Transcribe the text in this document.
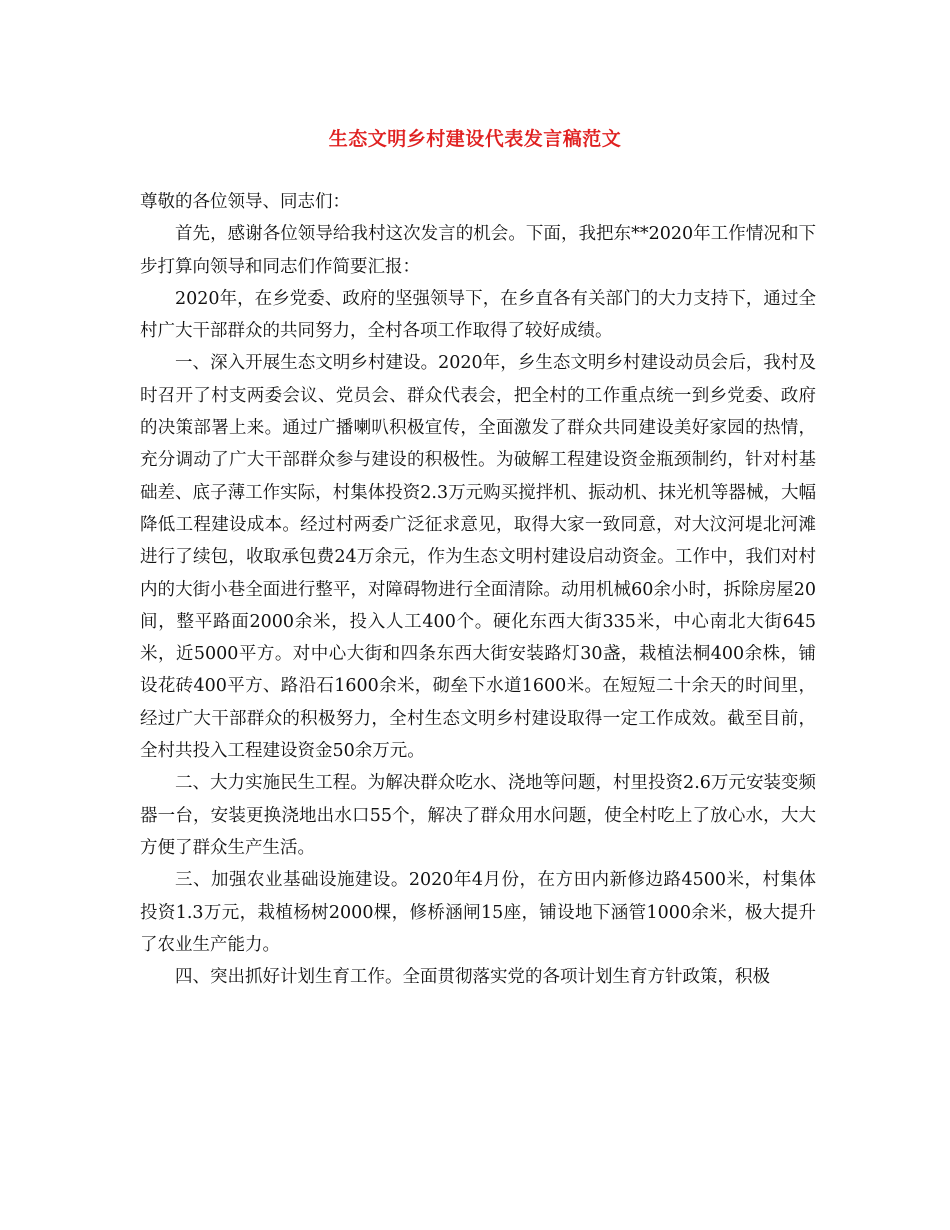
生态文明乡村建设代表发言稿范文

尊敬的各位领导、同志们：

首先，感谢各位领导给我村这次发言的机会。下面，我把东**2020年工作情况和下步打算向领导和同志们作简要汇报：

2020年，在乡党委、政府的坚强领导下，在乡直各有关部门的大力支持下，通过全村广大干部群众的共同努力，全村各项工作取得了较好成绩。

一、深入开展生态文明乡村建设。2020年，乡生态文明乡村建设动员会后，我村及时召开了村支两委会议、党员会、群众代表会，把全村的工作重点统一到乡党委、政府的决策部署上来。通过广播喇叭积极宣传，全面激发了群众共同建设美好家园的热情，充分调动了广大干部群众参与建设的积极性。为破解工程建设资金瓶颈制约，针对村基础差、底子薄工作实际，村集体投资2.3万元购买搅拌机、振动机、抹光机等器械，大幅降低工程建设成本。经过村两委广泛征求意见，取得大家一致同意，对大汶河堤北河滩进行了续包，收取承包费24万余元，作为生态文明村建设启动资金。工作中，我们对村内的大街小巷全面进行整平，对障碍物进行全面清除。动用机械60余小时，拆除房屋20间，整平路面2000余米，投入人工400个。硬化东西大街335米，中心南北大街645米，近5000平方。对中心大街和四条东西大街安装路灯30盏，栽植法桐400余株，铺设花砖400平方、路沿石1600余米，砌垒下水道1600米。在短短二十余天的时间里，经过广大干部群众的积极努力，全村生态文明乡村建设取得一定工作成效。截至目前，全村共投入工程建设资金50余万元。

二、大力实施民生工程。为解决群众吃水、浇地等问题，村里投资2.6万元安装变频器一台，安装更换浇地出水口55个，解决了群众用水问题，使全村吃上了放心水，大大方便了群众生产生活。

三、加强农业基础设施建设。2020年4月份，在方田内新修边路4500米，村集体投资1.3万元，栽植杨树2000棵，修桥涵闸15座，铺设地下涵管1000余米，极大提升了农业生产能力。

四、突出抓好计划生育工作。全面贯彻落实党的各项计划生育方针政策，积极
